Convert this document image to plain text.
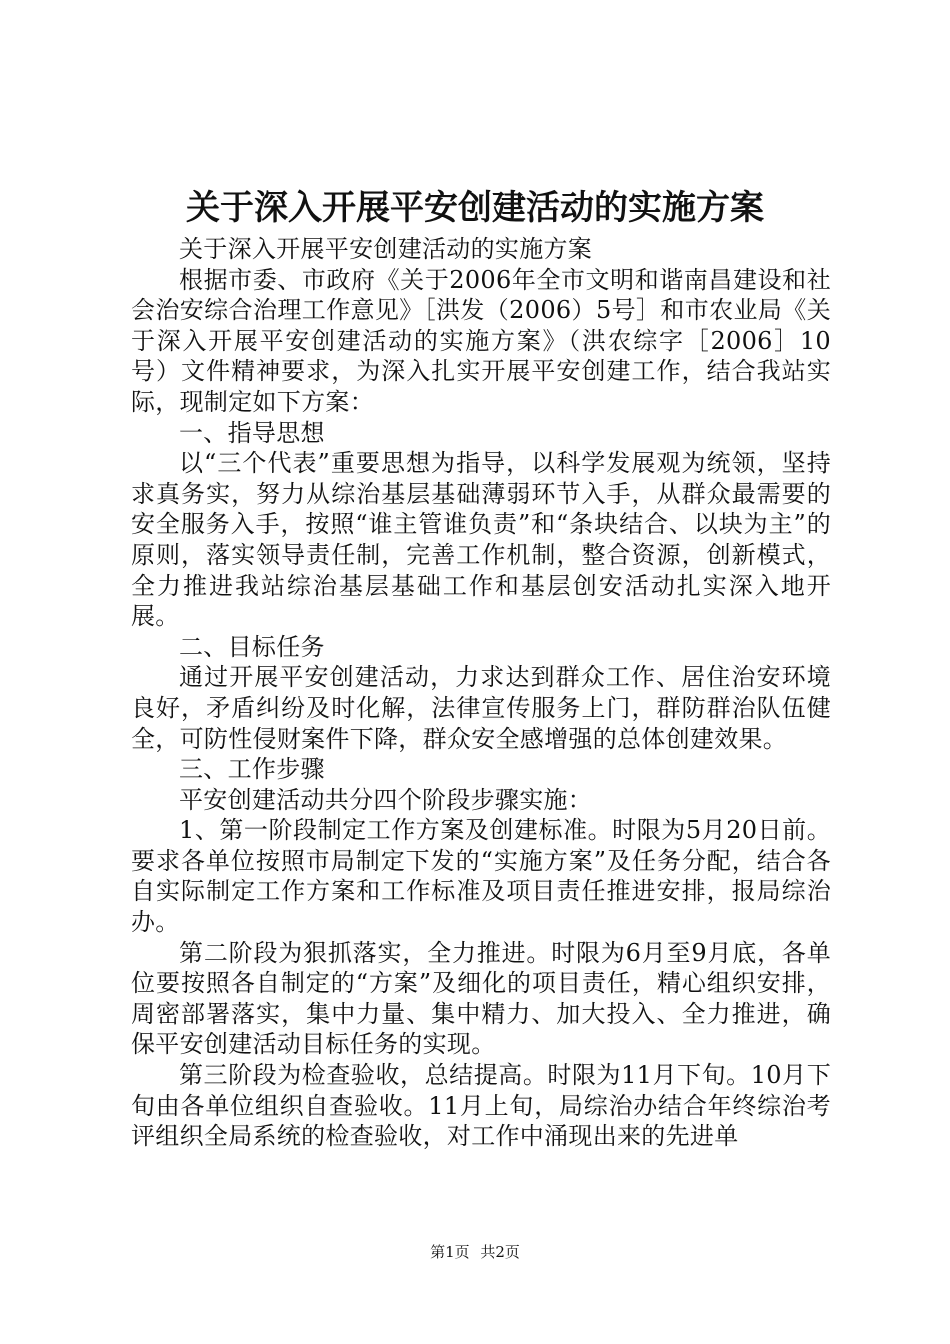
关于深入开展平安创建活动的实施方案

关于深入开展平安创建活动的实施方案

根据市委、市政府《关于2006年全市文明和谐南昌建设和社会治安综合治理工作意见》［洪发（2006）5号］和市农业局《关于深入开展平安创建活动的实施方案》（洪农综字［2006］10号）文件精神要求，为深入扎实开展平安创建工作，结合我站实际，现制定如下方案：

一、指导思想

以“三个代表”重要思想为指导，以科学发展观为统领，坚持求真务实，努力从综治基层基础薄弱环节入手，从群众最需要的安全服务入手，按照“谁主管谁负责”和“条块结合、以块为主”的原则，落实领导责任制，完善工作机制，整合资源，创新模式，全力推进我站综治基层基础工作和基层创安活动扎实深入地开展。

二、目标任务

通过开展平安创建活动，力求达到群众工作、居住治安环境良好，矛盾纠纷及时化解，法律宣传服务上门，群防群治队伍健全，可防性侵财案件下降，群众安全感增强的总体创建效果。

三、工作步骤

平安创建活动共分四个阶段步骤实施：

1、第一阶段制定工作方案及创建标准。时限为5月20日前。要求各单位按照市局制定下发的“实施方案”及任务分配，结合各自实际制定工作方案和工作标准及项目责任推进安排，报局综治办。

第二阶段为狠抓落实，全力推进。时限为6月至9月底，各单位要按照各自制定的“方案”及细化的项目责任，精心组织安排，周密部署落实，集中力量、集中精力、加大投入、全力推进，确保平安创建活动目标任务的实现。

第三阶段为检查验收，总结提高。时限为11月下旬。10月下旬由各单位组织自查验收。11月上旬，局综治办结合年终综治考评组织全局系统的检查验收，对工作中涌现出来的先进单

第1页 共2页
